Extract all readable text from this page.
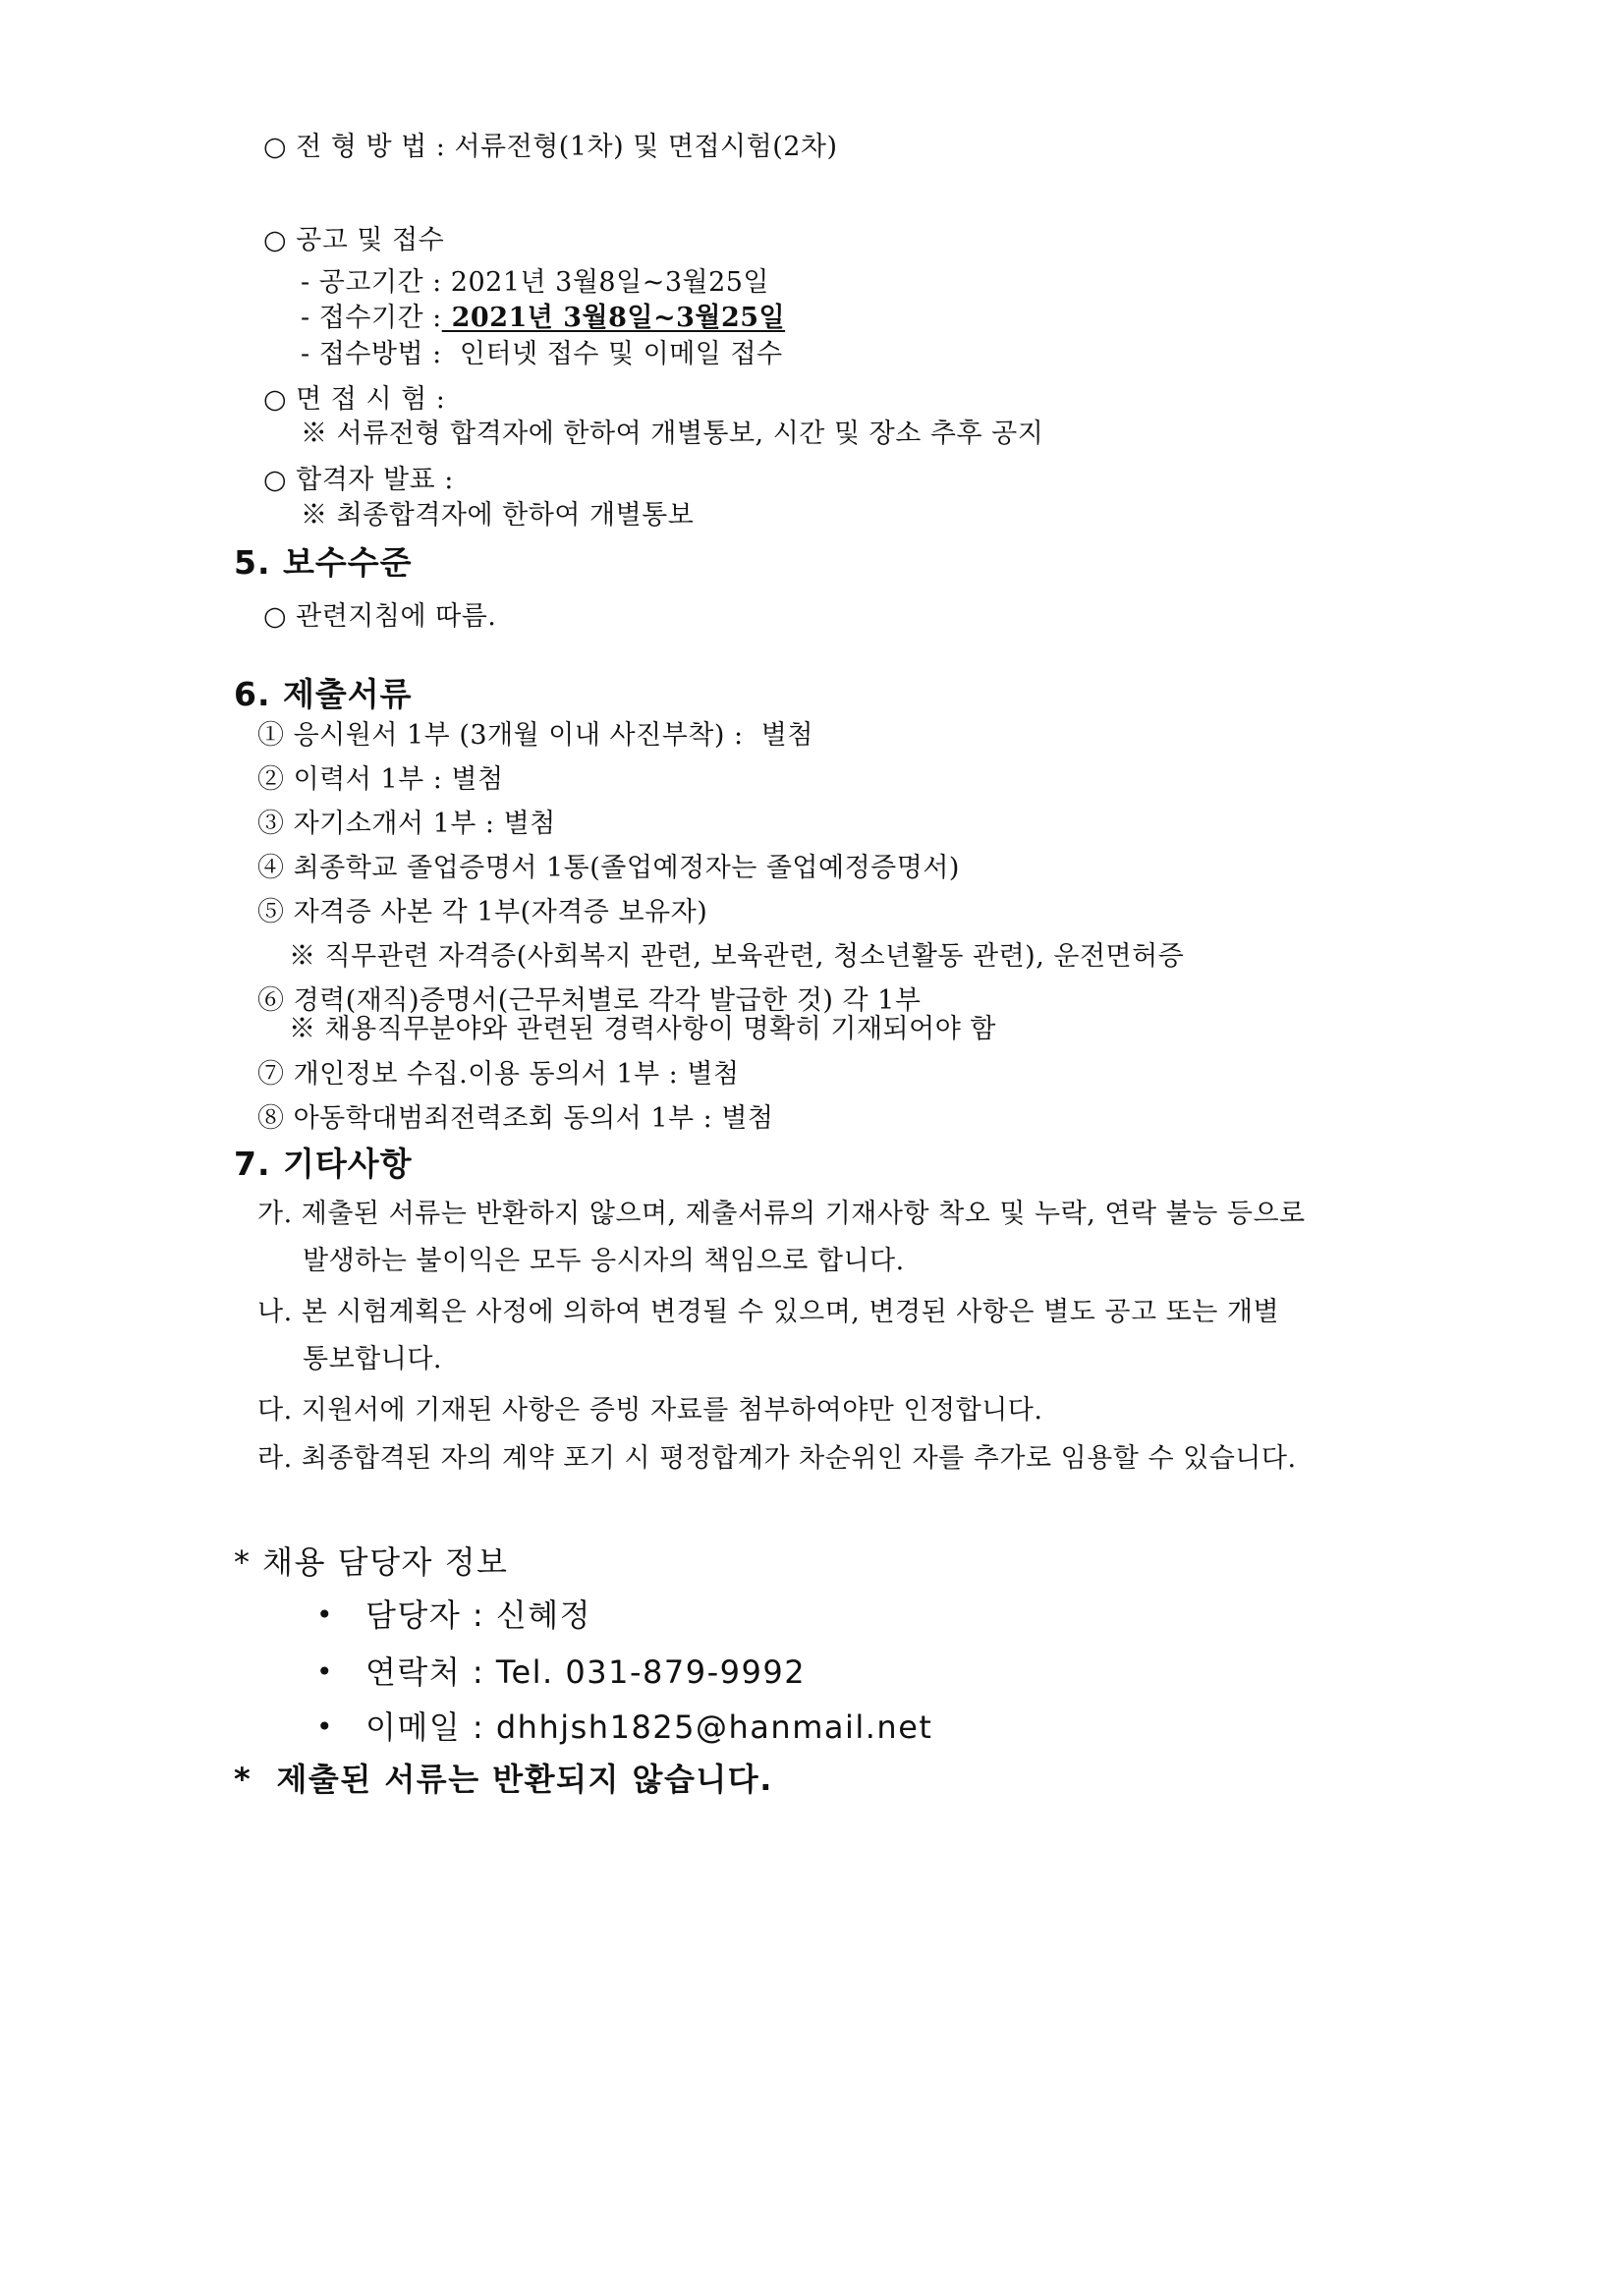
○ 전 형 방 법 : 서류전형(1차) 및 면접시험(2차)
○ 공고 및 접수
- 공고기간 : 2021년 3월8일~3월25일
- 접수기간 : 2021년 3월8일~3월25일
- 접수방법 :  인터넷 접수 및 이메일 접수
○ 면 접 시 험 :
※ 서류전형 합격자에 한하여 개별통보, 시간 및 장소 추후 공지
○ 합격자 발표 :
※ 최종합격자에 한하여 개별통보
5. 보수수준
○ 관련지침에 따름.
6. 제출서류
① 응시원서 1부 (3개월 이내 사진부착) :  별첨
② 이력서 1부 : 별첨
③ 자기소개서 1부 : 별첨
④ 최종학교 졸업증명서 1통(졸업예정자는 졸업예정증명서)
⑤ 자격증 사본 각 1부(자격증 보유자)
※ 직무관련 자격증(사회복지 관련, 보육관련, 청소년활동 관련), 운전면허증
⑥ 경력(재직)증명서(근무처별로 각각 발급한 것) 각 1부
※ 채용직무분야와 관련된 경력사항이 명확히 기재되어야 함
⑦ 개인정보 수집.이용 동의서 1부 : 별첨
⑧ 아동학대범죄전력조회 동의서 1부 : 별첨
7. 기타사항
가. 제출된 서류는 반환하지 않으며, 제출서류의 기재사항 착오 및 누락, 연락 불능 등으로
발생하는 불이익은 모두 응시자의 책임으로 합니다.
나. 본 시험계획은 사정에 의하여 변경될 수 있으며, 변경된 사항은 별도 공고 또는 개별
통보합니다.
다. 지원서에 기재된 사항은 증빙 자료를 첨부하여야만 인정합니다.
라. 최종합격된 자의 계약 포기 시 평정합계가 차순위인 자를 추가로 임용할 수 있습니다.
* 채용 담당자 정보
• 담당자 : 신혜정
• 연락처 : Tel. 031-879-9992
• 이메일 : dhhjsh1825@hanmail.net
*  제출된 서류는 반환되지 않습니다.
